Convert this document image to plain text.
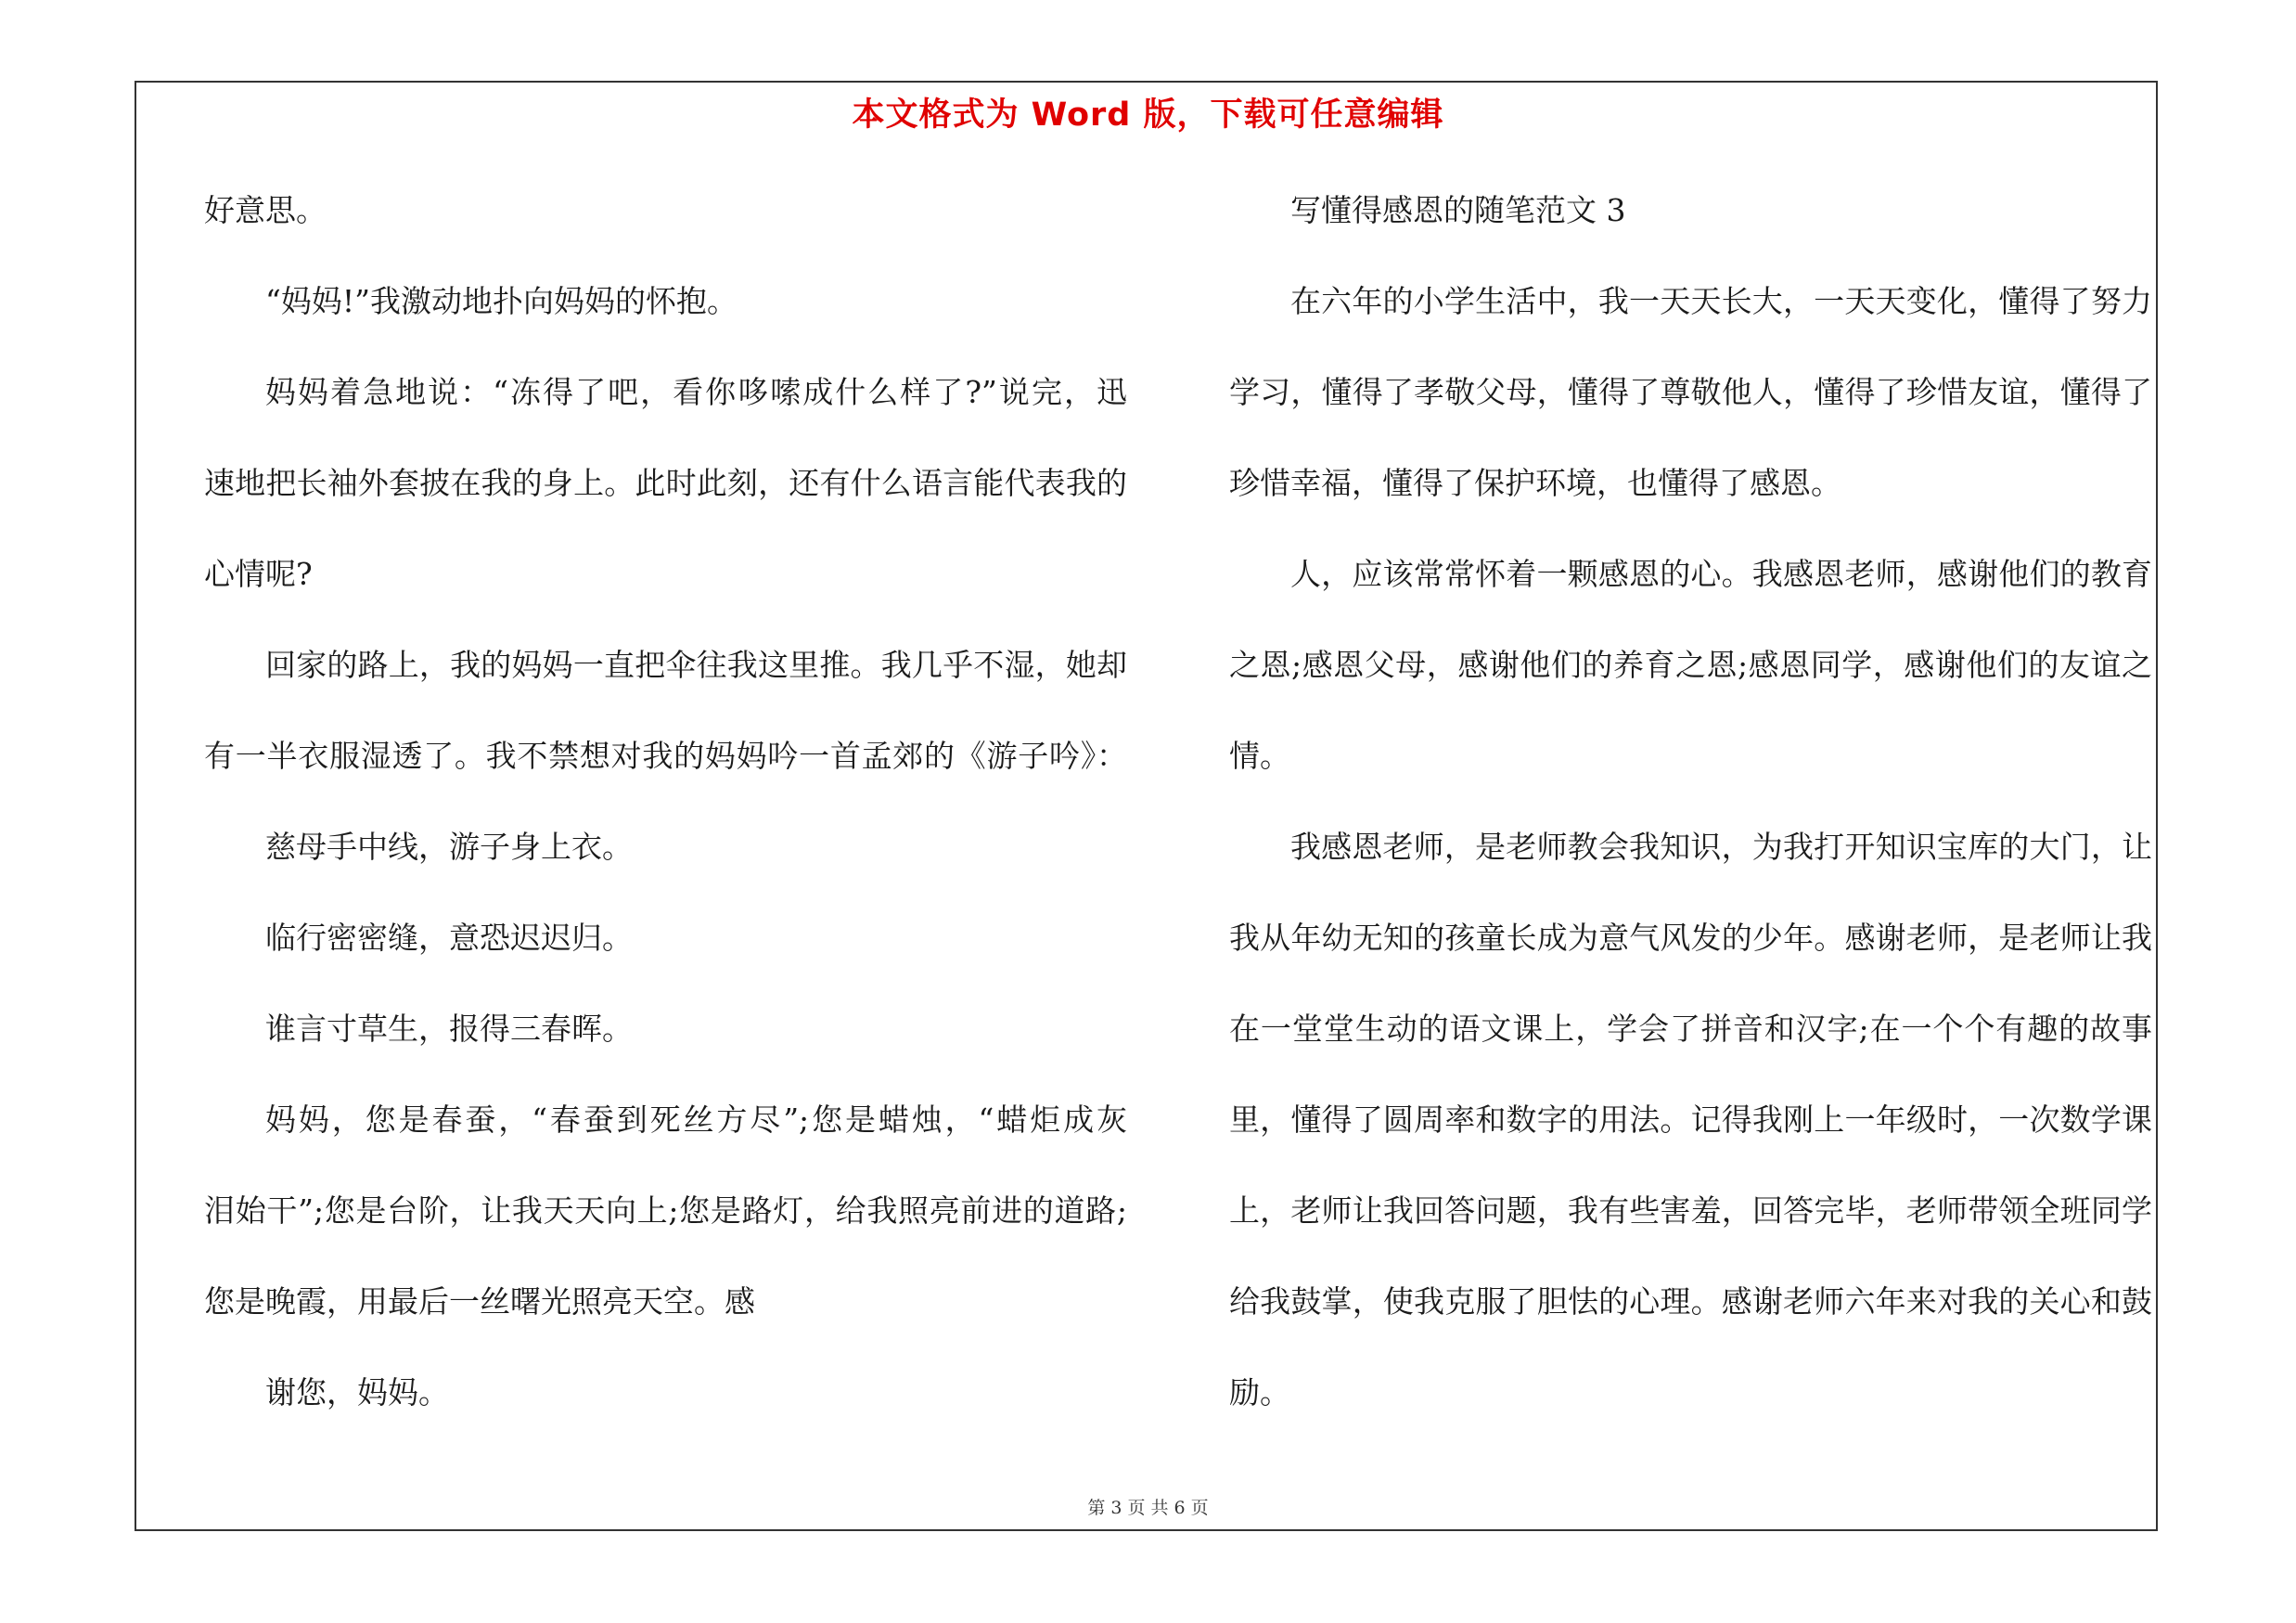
本文格式为 Word 版，下载可任意编辑
好意思。
“妈妈!”我激动地扑向妈妈的怀抱。
妈妈着急地说：“冻得了吧，看你哆嗦成什么样了?”说完，迅
速地把长袖外套披在我的身上。此时此刻，还有什么语言能代表我的
心情呢?
回家的路上，我的妈妈一直把伞往我这里推。我几乎不湿，她却
有一半衣服湿透了。我不禁想对我的妈妈吟一首孟郊的《游子吟》：
慈母手中线，游子身上衣。
临行密密缝，意恐迟迟归。
谁言寸草生，报得三春晖。
妈妈，您是春蚕，“春蚕到死丝方尽”;您是蜡烛，“蜡炬成灰
泪始干”;您是台阶，让我天天向上;您是路灯，给我照亮前进的道路;
您是晚霞，用最后一丝曙光照亮天空。感
谢您，妈妈。
写懂得感恩的随笔范文 3
在六年的小学生活中，我一天天长大，一天天变化，懂得了努力
学习，懂得了孝敬父母，懂得了尊敬他人，懂得了珍惜友谊，懂得了
珍惜幸福，懂得了保护环境，也懂得了感恩。
人，应该常常怀着一颗感恩的心。我感恩老师，感谢他们的教育
之恩;感恩父母，感谢他们的养育之恩;感恩同学，感谢他们的友谊之
情。
我感恩老师，是老师教会我知识，为我打开知识宝库的大门，让
我从年幼无知的孩童长成为意气风发的少年。感谢老师，是老师让我
在一堂堂生动的语文课上，学会了拼音和汉字;在一个个有趣的故事
里，懂得了圆周率和数字的用法。记得我刚上一年级时，一次数学课
上，老师让我回答问题，我有些害羞，回答完毕，老师带领全班同学
给我鼓掌，使我克服了胆怯的心理。感谢老师六年来对我的关心和鼓
励。
第 3 页 共 6 页
